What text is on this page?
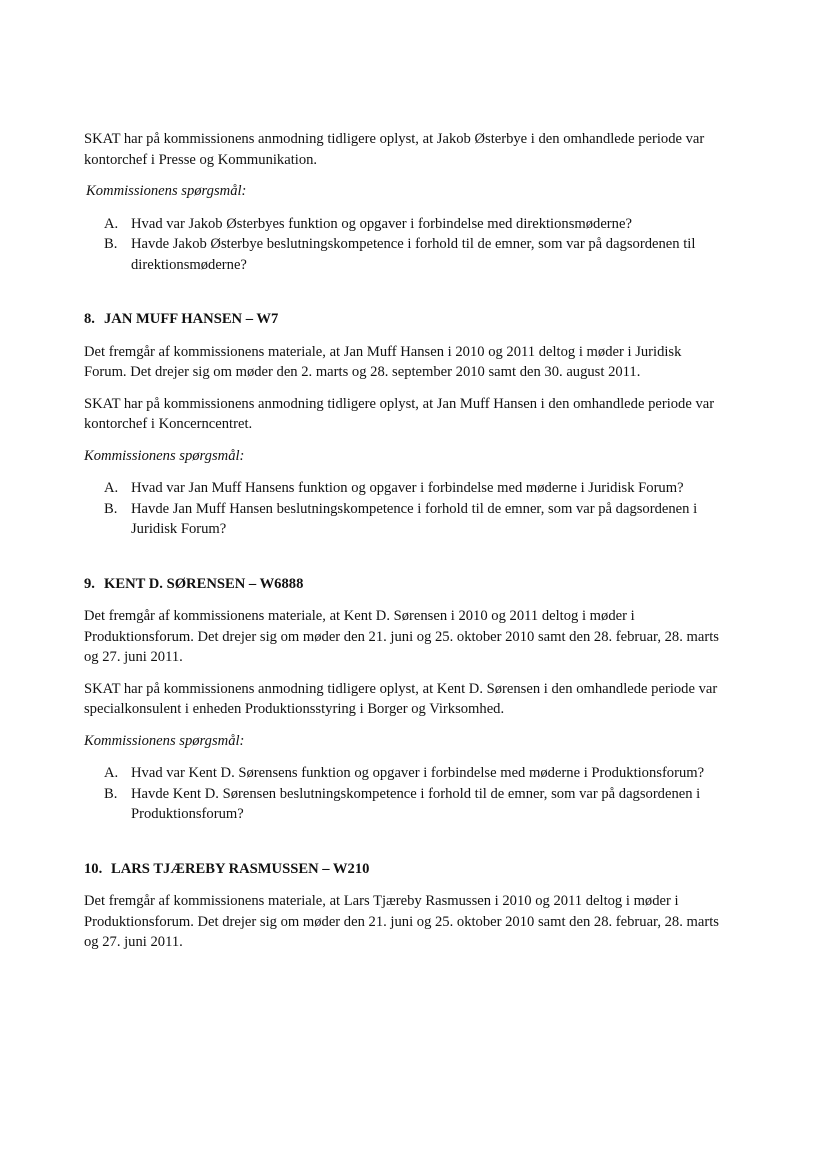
SKAT har på kommissionens anmodning tidligere oplyst, at Jakob Østerbye i den omhandlede periode var kontorchef i Presse og Kommunikation.

Kommissionens spørgsmål:

A. Hvad var Jakob Østerbyes funktion og opgaver i forbindelse med direktionsmøderne?
B. Havde Jakob Østerbye beslutningskompetence i forhold til de emner, som var på dagsordenen til direktionsmøderne?
8. JAN MUFF HANSEN – W7

Det fremgår af kommissionens materiale, at Jan Muff Hansen i 2010 og 2011 deltog i møder i Juridisk Forum. Det drejer sig om møder den 2. marts og 28. september 2010 samt den 30. august 2011.

SKAT har på kommissionens anmodning tidligere oplyst, at Jan Muff Hansen i den omhandlede periode var kontorchef i Koncerncentret.

Kommissionens spørgsmål:

A. Hvad var Jan Muff Hansens funktion og opgaver i forbindelse med møderne i Juridisk Forum?
B. Havde Jan Muff Hansen beslutningskompetence i forhold til de emner, som var på dagsordenen i Juridisk Forum?
9. KENT D. SØRENSEN – W6888

Det fremgår af kommissionens materiale, at Kent D. Sørensen i 2010 og 2011 deltog i møder i Produktionsforum. Det drejer sig om møder den 21. juni og 25. oktober 2010 samt den 28. februar, 28. marts og 27. juni 2011.

SKAT har på kommissionens anmodning tidligere oplyst, at Kent D. Sørensen i den omhandlede periode var specialkonsulent i enheden Produktionsstyring i Borger og Virksomhed.

Kommissionens spørgsmål:

A. Hvad var Kent D. Sørensens funktion og opgaver i forbindelse med møderne i Produktionsforum?
B. Havde Kent D. Sørensen beslutningskompetence i forhold til de emner, som var på dagsordenen i Produktionsforum?
10. LARS TJÆREBY RASMUSSEN – W210

Det fremgår af kommissionens materiale, at Lars Tjæreby Rasmussen i 2010 og 2011 deltog i møder i Produktionsforum. Det drejer sig om møder den 21. juni og 25. oktober 2010 samt den 28. februar, 28. marts og 27. juni 2011.
